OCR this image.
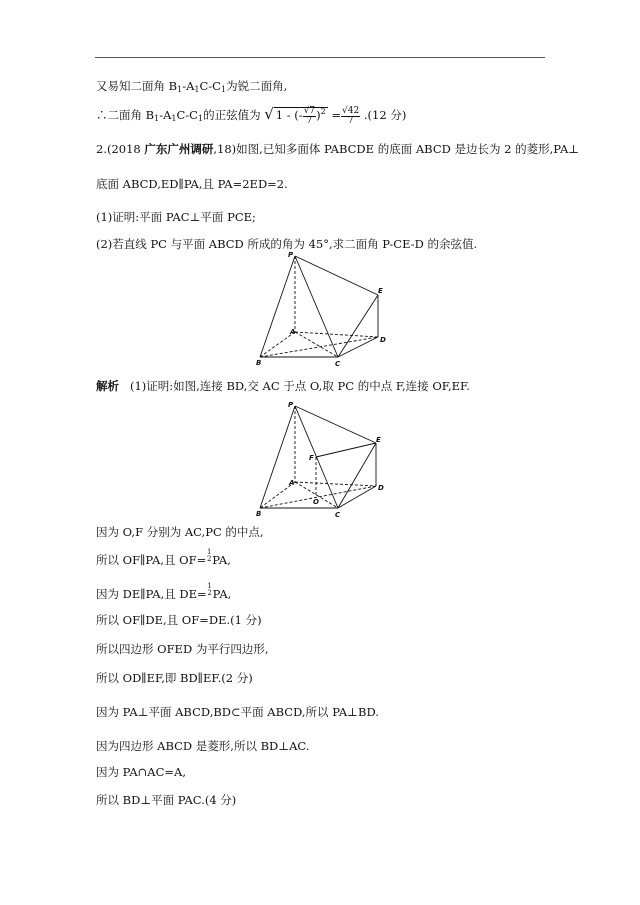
又易知二面角 $B_1-A_1C-C_1$为锐二面角,
∴二面角 $B_1-A_1C-C_1$的正弦值为 √ 1 - (- $\frac{√7}{7} )^2 = \frac{√42}{7} .(12$ 分)
2.(2018 广东广州调研,18)如图,已知多面体 PABCDE 的底面 ABCD 是边长为 2 的菱形,PA⊥
底面 ABCD,ED∥PA,且 PA=2ED=2.
(1)证明:平面 PAC⊥平面 PCE;
(2)若直线 PC 与平面 ABCD 所成的角为 45°,求二面角 P-CE-D 的余弦值.
P
A
B	C
D
E
解析 (1)证明:如图,连接 BD,交 AC 于点 O,取 PC 的中点 F,连接 OF,EF.
P
F
A
O
B	C
D
E
因为 O,F 分别为 AC,PC 的中点,
所以 OF∥PA,且 OF=
1
2 PA,
因为 DE∥PA,且 DE=
1
2 PA,
所以 OF∥DE,且 OF=DE.(1 分)
所以四边形 OFED 为平行四边形,
所以 OD∥EF,即 BD∥EF.(2 分)
因为 PA⊥平面 ABCD,BD⊂平面 ABCD,所以 PA⊥BD.
因为四边形 ABCD 是菱形,所以 BD⊥AC.
因为 PA∩AC=A,
所以 BD⊥平面 PAC.(4 分)
